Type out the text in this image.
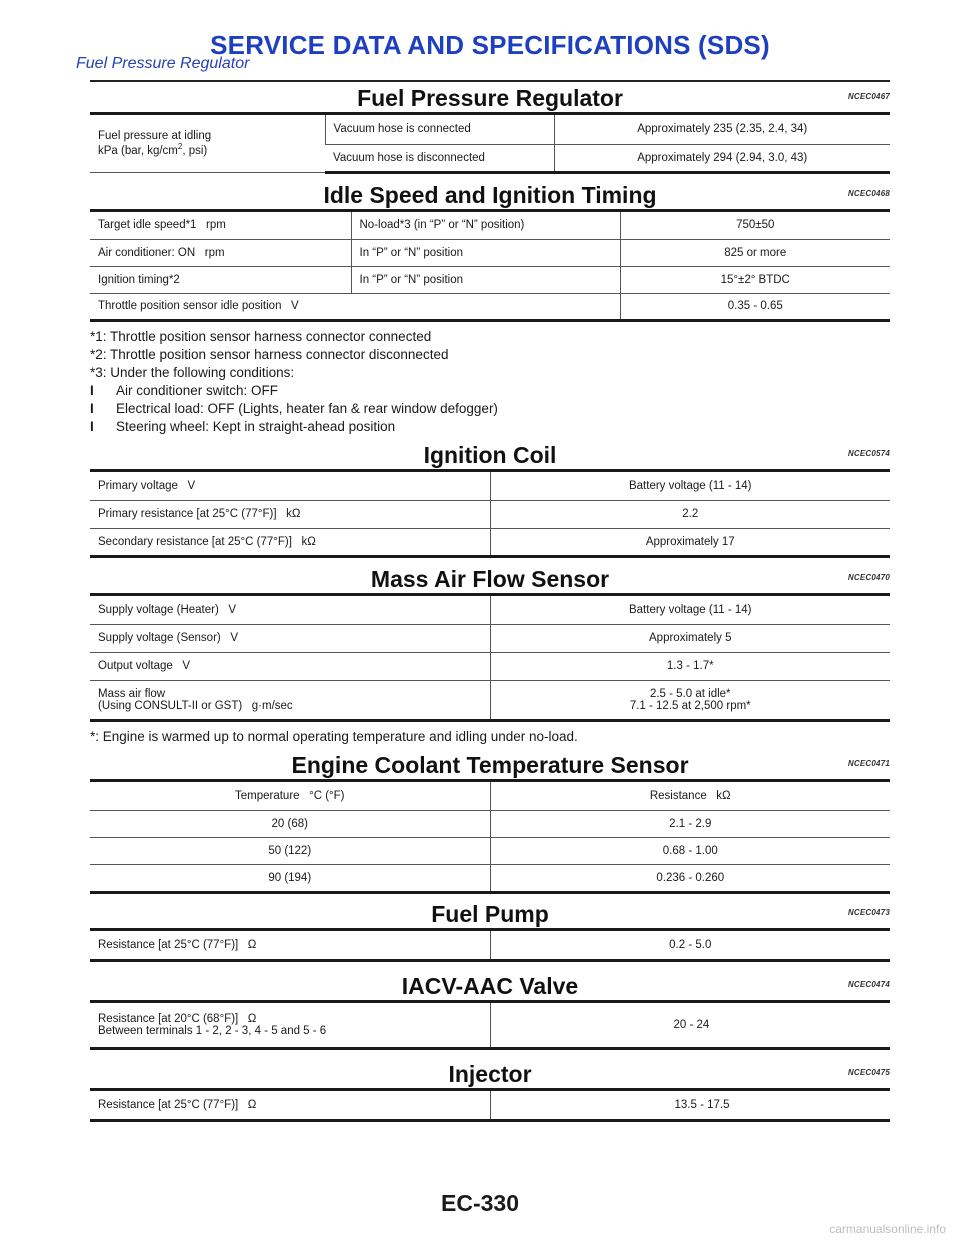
SERVICE DATA AND SPECIFICATIONS (SDS)
Fuel Pressure Regulator
Fuel Pressure Regulator	NCEC0467
Fuel pressure at idling
kPa (bar, $kg/cm^2$, psi)	Vacuum hose is connected	Approximately 235 (2.35, 2.4, 34)
	Vacuum hose is disconnected	Approximately 294 (2.94, 3.0, 43)
Idle Speed and Ignition Timing	NCEC0468
Target idle speed*1   rpm	No-load*3 (in “P” or “N” position)	750±50
Air conditioner: ON   rpm	In “P” or “N” position	825 or more
Ignition timing*2	In “P” or “N” position	15°±2° BTDC
Throttle position sensor idle position   V		0.35 - 0.65

*1: Throttle position sensor harness connector connected

*2: Throttle position sensor harness connector disconnected

*3: Under the following conditions:

I Air conditioner switch: OFF

I Electrical load: OFF (Lights, heater fan & rear window defogger)

I Steering wheel: Kept in straight-ahead position

Ignition Coil	NCEC0574
Primary voltage   V	Battery voltage (11 - 14)
Primary resistance [at 25°C (77°F)]   kΩ	2.2
Secondary resistance [at 25°C (77°F)]   kΩ	Approximately 17
Mass Air Flow Sensor	NCEC0470
Supply voltage (Heater)   V	Battery voltage (11 - 14)
Supply voltage (Sensor)   V	Approximately 5
Output voltage   V	1.3 - 1.7*

Mass air flow
(Using CONSULT-II or GST)   g·m/sec	2.5 - 5.0 at idle*
7.1 - 12.5 at 2,500 rpm*

*: Engine is warmed up to normal operating temperature and idling under no-load.

Engine Coolant Temperature Sensor	NCEC0471
Temperature   °C (°F)	Resistance   kΩ
20 (68)	2.1 - 2.9
50 (122)	0.68 - 1.00
90 (194)	0.236 - 0.260
Fuel Pump	NCEC0473
Resistance [at 25°C (77°F)]   Ω	0.2 - 5.0
IACV-AAC Valve	NCEC0474
Resistance [at 20°C (68°F)]   Ω
Between terminals 1 - 2, 2 - 3, 4 - 5 and 5 - 6	20 - 24
Injector	NCEC0475
Resistance [at 25°C (77°F)]   Ω	13.5 - 17.5
EC-330
carmanualsonline.info
